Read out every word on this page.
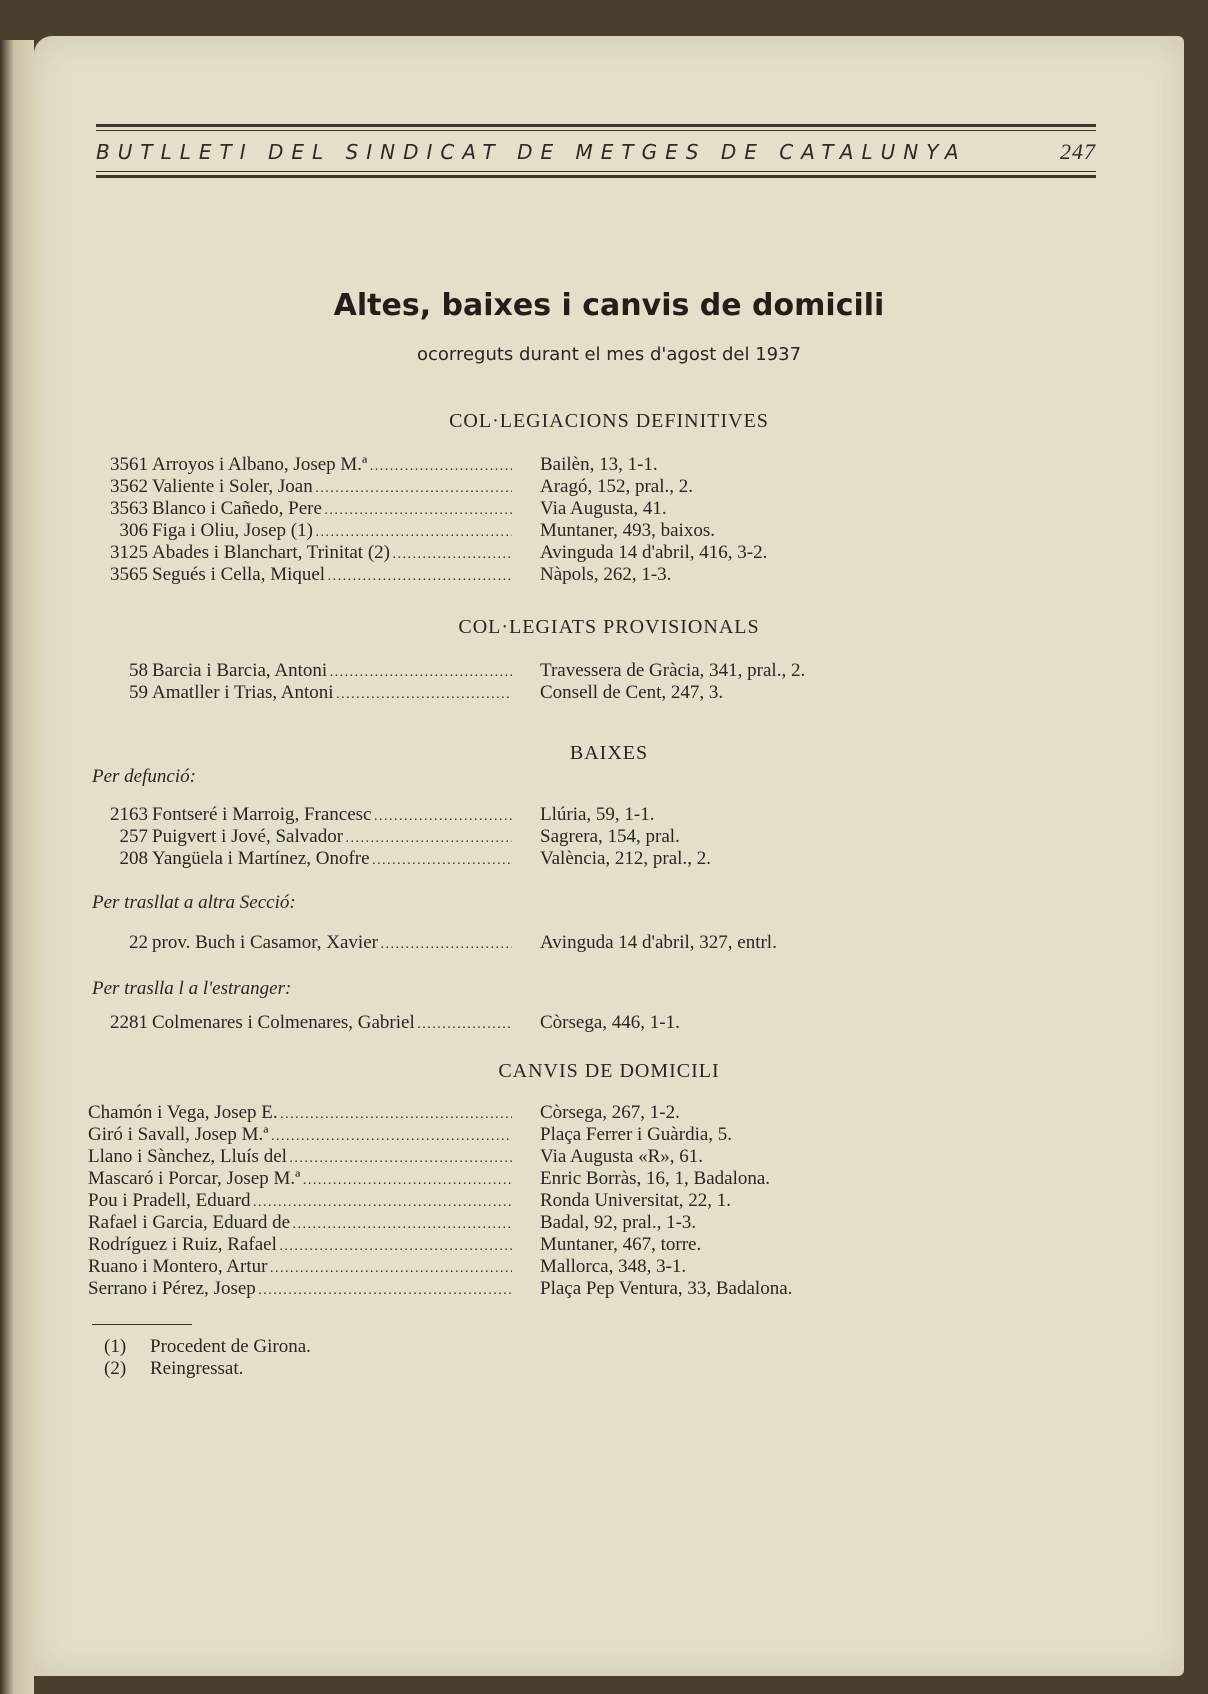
BUTLLETI DEL SINDICAT DE METGES DE CATALUNYA	247
Altes, baixes i canvis de domicili
ocorreguts durant el mes d'agost del 1937
COL·LEGIACIONS DEFINITIVES
3561 Arroyos i Albano, Josep M.ª . . .	Bailèn, 13, 1-1.
3562 Valiente i Soler, Joan . . .	Aragó, 152, pral., 2.
3563 Blanco i Cañedo, Pere . . .	Via Augusta, 41.
306 Figa i Oliu, Josep (1) . . .	Muntaner, 493, baixos.
3125 Abades i Blanchart, Trinitat (2) . . .	Avinguda 14 d'abril, 416, 3-2.
3565 Segués i Cella, Miquel . . .	Nàpols, 262, 1-3.
COL·LEGIATS PROVISIONALS
58 Barcia i Barcia, Antoni . . .	Travessera de Gràcia, 341, pral., 2.
59 Amatller i Trias, Antoni . . .	Consell de Cent, 247, 3.
BAIXES
Per defunció:
2163 Fontseré i Marroig, Francesc . . .	Llúria, 59, 1-1.
257 Puigvert i Jové, Salvador . . .	Sagrera, 154, pral.
208 Yangüela i Martínez, Onofre . . .	València, 212, pral., 2.
Per trasllat a altra Secció:
22 prov. Buch i Casamor, Xavier . . .	Avinguda 14 d'abril, 327, entrl.
Per traslla l a l'estranger:
2281 Colmenares i Colmenares, Gabriel . . .	Còrsega, 446, 1-1.
CANVIS DE DOMICILI
Chamón i Vega, Josep E. . . .	Còrsega, 267, 1-2.
Giró i Savall, Josep M.ª . . .	Plaça Ferrer i Guàrdia, 5.
Llano i Sànchez, Lluís del . . .	Via Augusta «R», 61.
Mascaró i Porcar, Josep M.ª . . .	Enric Borràs, 16, 1, Badalona.
Pou i Pradell, Eduard . . .	Ronda Universitat, 22, 1.
Rafael i Garcia, Eduard de . . .	Badal, 92, pral., 1-3.
Rodríguez i Ruiz, Rafael . . .	Muntaner, 467, torre.
Ruano i Montero, Artur . . .	Mallorca, 348, 3-1.
Serrano i Pérez, Josep . . .	Plaça Pep Ventura, 33, Badalona.
(1) Procedent de Girona.
(2) Reingressat.
